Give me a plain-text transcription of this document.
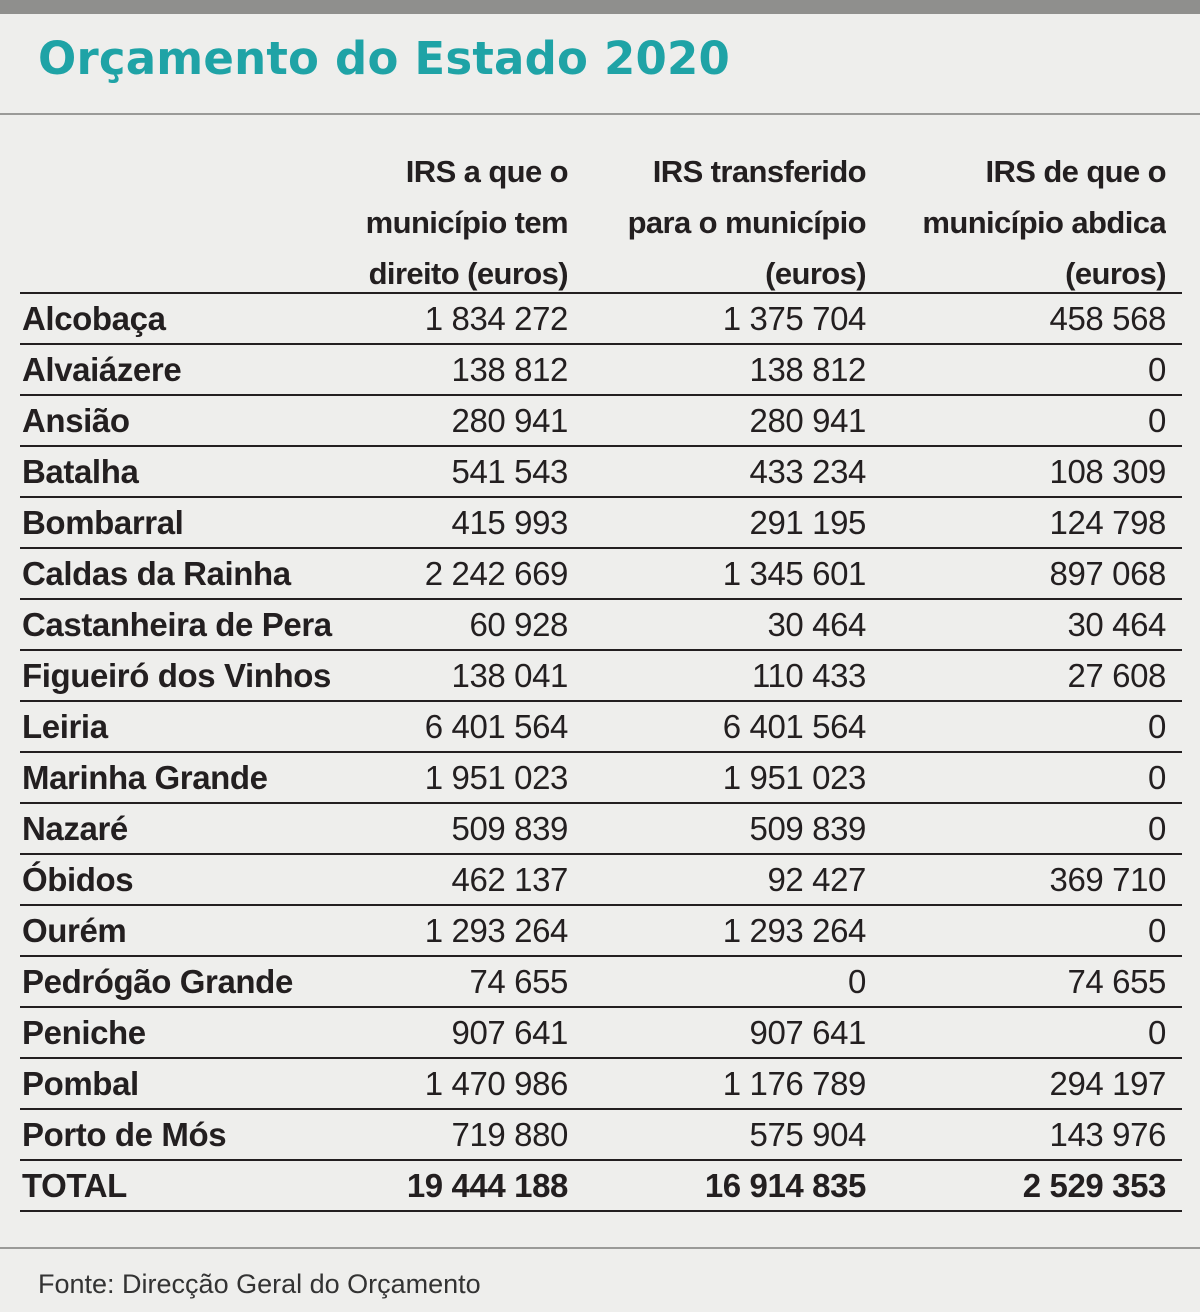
Orçamento do Estado 2020
IRS a que o
município tem
direito (euros)
IRS transferido
para o município
(euros)
IRS de que o
município abdica
(euros)
Alcobaça	1 834 272	1 375 704	458 568
Alvaiázere	138 812	138 812	0
Ansião	280 941	280 941	0
Batalha	541 543	433 234	108 309
Bombarral	415 993	291 195	124 798
Caldas da Rainha	2 242 669	1 345 601	897 068
Castanheira de Pera	60 928	30 464	30 464
Figueiró dos Vinhos	138 041	110 433	27 608
Leiria	6 401 564	6 401 564	0
Marinha Grande	1 951 023	1 951 023	0
Nazaré	509 839	509 839	0
Óbidos	462 137	92 427	369 710
Ourém	1 293 264	1 293 264	0
Pedrógão Grande	74 655	0	74 655
Peniche	907 641	907 641	0
Pombal	1 470 986	1 176 789	294 197
Porto de Mós	719 880	575 904	143 976
TOTAL	19 444 188	16 914 835	2 529 353
Fonte: Direcção Geral do Orçamento
